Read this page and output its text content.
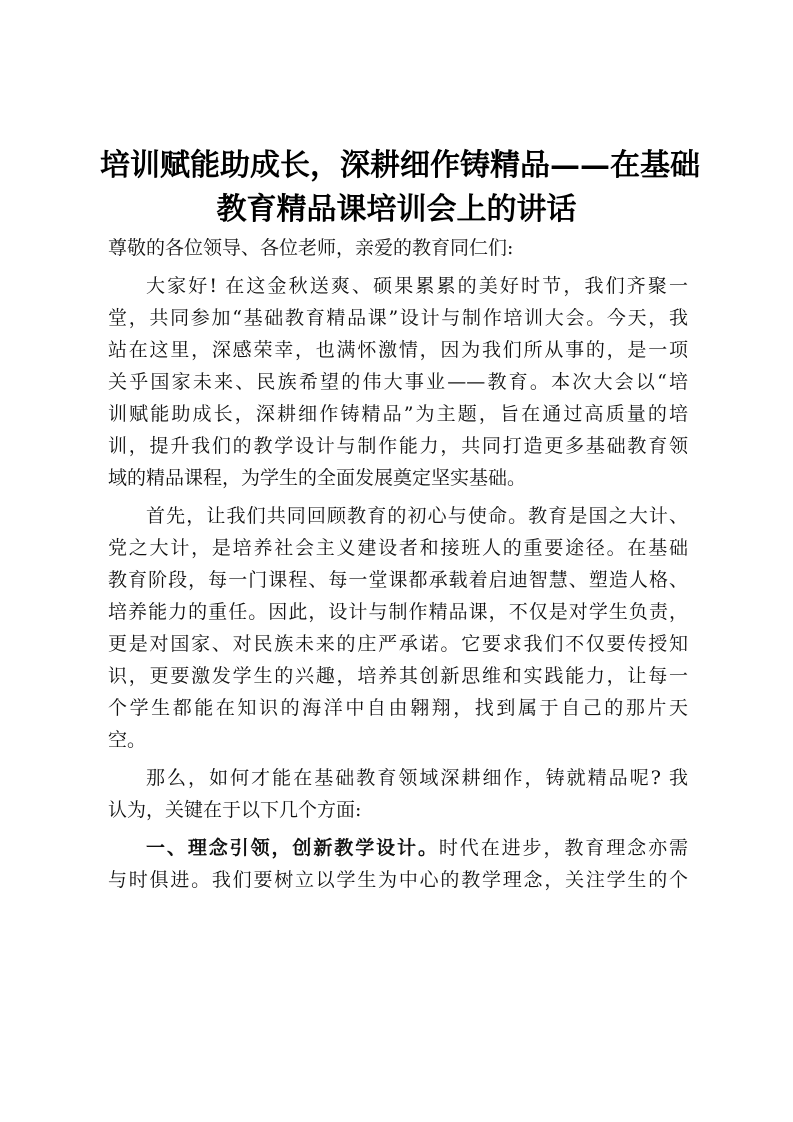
培训赋能助成长，深耕细作铸精品——在基础
教育精品课培训会上的讲话
尊敬的各位领导、各位老师，亲爱的教育同仁们:
大家好! 在这金秋送爽、硕果累累的美好时节，我们齐聚一
堂，共同参加“基础教育精品课”设计与制作培训大会。今天，我
站在这里，深感荣幸，也满怀激情，因为我们所从事的，是一项
关乎国家未来、民族希望的伟大事业——教育。本次大会以“培
训赋能助成长，深耕细作铸精品”为主题，旨在通过高质量的培
训，提升我们的教学设计与制作能力，共同打造更多基础教育领
域的精品课程，为学生的全面发展奠定坚实基础。
首先，让我们共同回顾教育的初心与使命。教育是国之大计、
党之大计，是培养社会主义建设者和接班人的重要途径。在基础
教育阶段，每一门课程、每一堂课都承载着启迪智慧、塑造人格、
培养能力的重任。因此，设计与制作精品课，不仅是对学生负责，
更是对国家、对民族未来的庄严承诺。它要求我们不仅要传授知
识，更要激发学生的兴趣，培养其创新思维和实践能力，让每一
个学生都能在知识的海洋中自由翱翔，找到属于自己的那片天
空。
那么，如何才能在基础教育领域深耕细作，铸就精品呢? 我
认为，关键在于以下几个方面:
一、理念引领，创新教学设计。时代在进步，教育理念亦需
与时俱进。我们要树立以学生为中心的教学理念，关注学生的个
